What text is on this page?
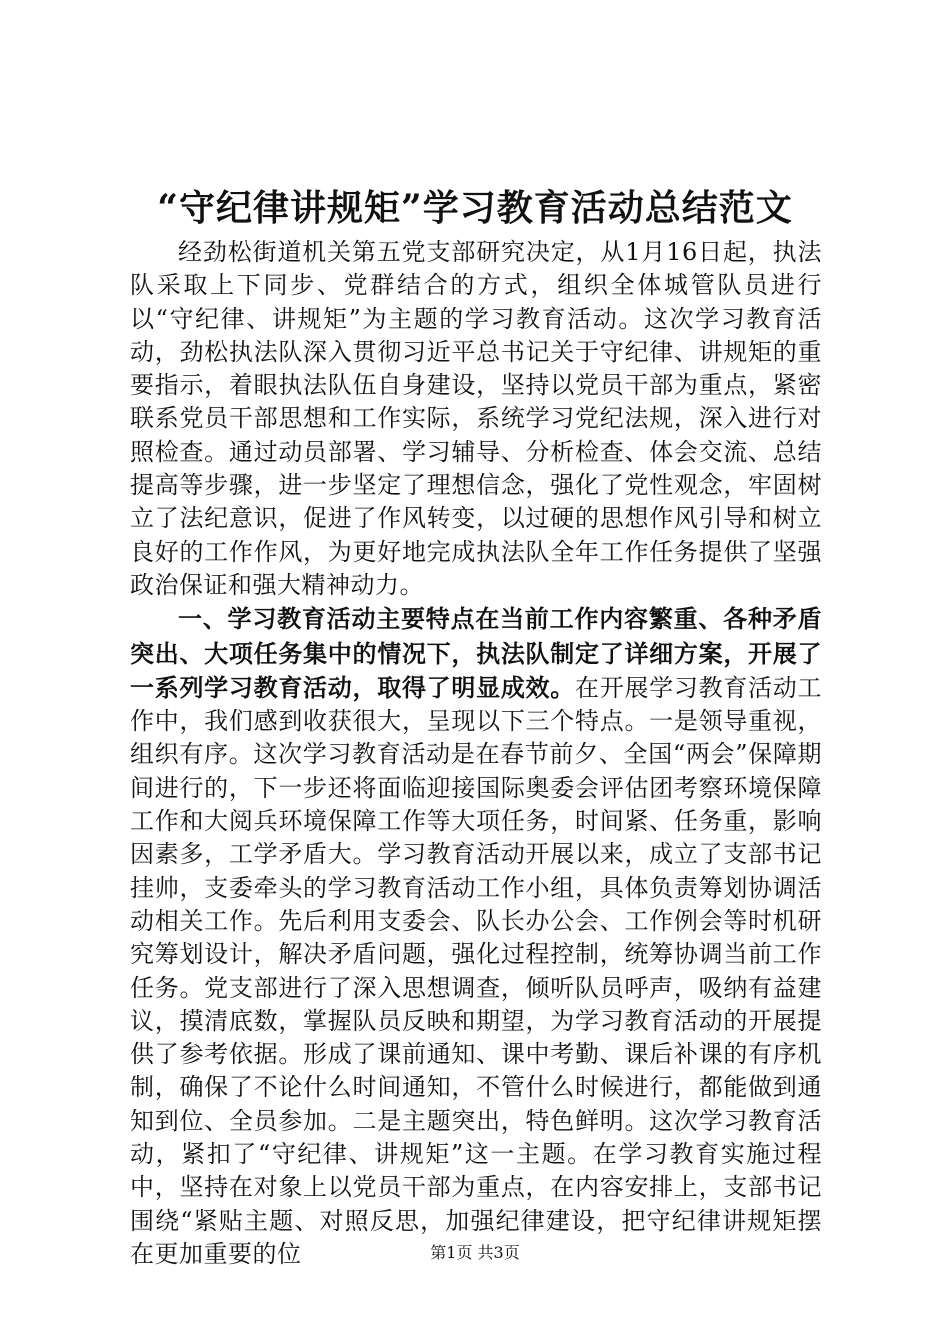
“守纪律讲规矩”学习教育活动总结范文

经劲松街道机关第五党支部研究决定，从1月16日起，执法队采取上下同步、党群结合的方式，组织全体城管队员进行以“守纪律、讲规矩”为主题的学习教育活动。这次学习教育活动，劲松执法队深入贯彻习近平总书记关于守纪律、讲规矩的重要指示，着眼执法队伍自身建设，坚持以党员干部为重点，紧密联系党员干部思想和工作实际，系统学习党纪法规，深入进行对照检查。通过动员部署、学习辅导、分析检查、体会交流、总结提高等步骤，进一步坚定了理想信念，强化了党性观念，牢固树立了法纪意识，促进了作风转变，以过硬的思想作风引导和树立良好的工作作风，为更好地完成执法队全年工作任务提供了坚强政治保证和强大精神动力。

一、学习教育活动主要特点在当前工作内容繁重、各种矛盾突出、大项任务集中的情况下，执法队制定了详细方案，开展了一系列学习教育活动，取得了明显成效。在开展学习教育活动工作中，我们感到收获很大，呈现以下三个特点。一是领导重视，组织有序。这次学习教育活动是在春节前夕、全国“两会”保障期间进行的，下一步还将面临迎接国际奥委会评估团考察环境保障工作和大阅兵环境保障工作等大项任务，时间紧、任务重，影响因素多，工学矛盾大。学习教育活动开展以来，成立了支部书记挂帅，支委牵头的学习教育活动工作小组，具体负责筹划协调活动相关工作。先后利用支委会、队长办公会、工作例会等时机研究筹划设计，解决矛盾问题，强化过程控制，统筹协调当前工作任务。党支部进行了深入思想调查，倾听队员呼声，吸纳有益建议，摸清底数，掌握队员反映和期望，为学习教育活动的开展提供了参考依据。形成了课前通知、课中考勤、课后补课的有序机制，确保了不论什么时间通知，不管什么时候进行，都能做到通知到位、全员参加。二是主题突出，特色鲜明。这次学习教育活动，紧扣了“守纪律、讲规矩”这一主题。在学习教育实施过程中，坚持在对象上以党员干部为重点，在内容安排上，支部书记围绕“紧贴主题、对照反思，加强纪律建设，把守纪律讲规矩摆在更加重要的位	第1页 共3页
